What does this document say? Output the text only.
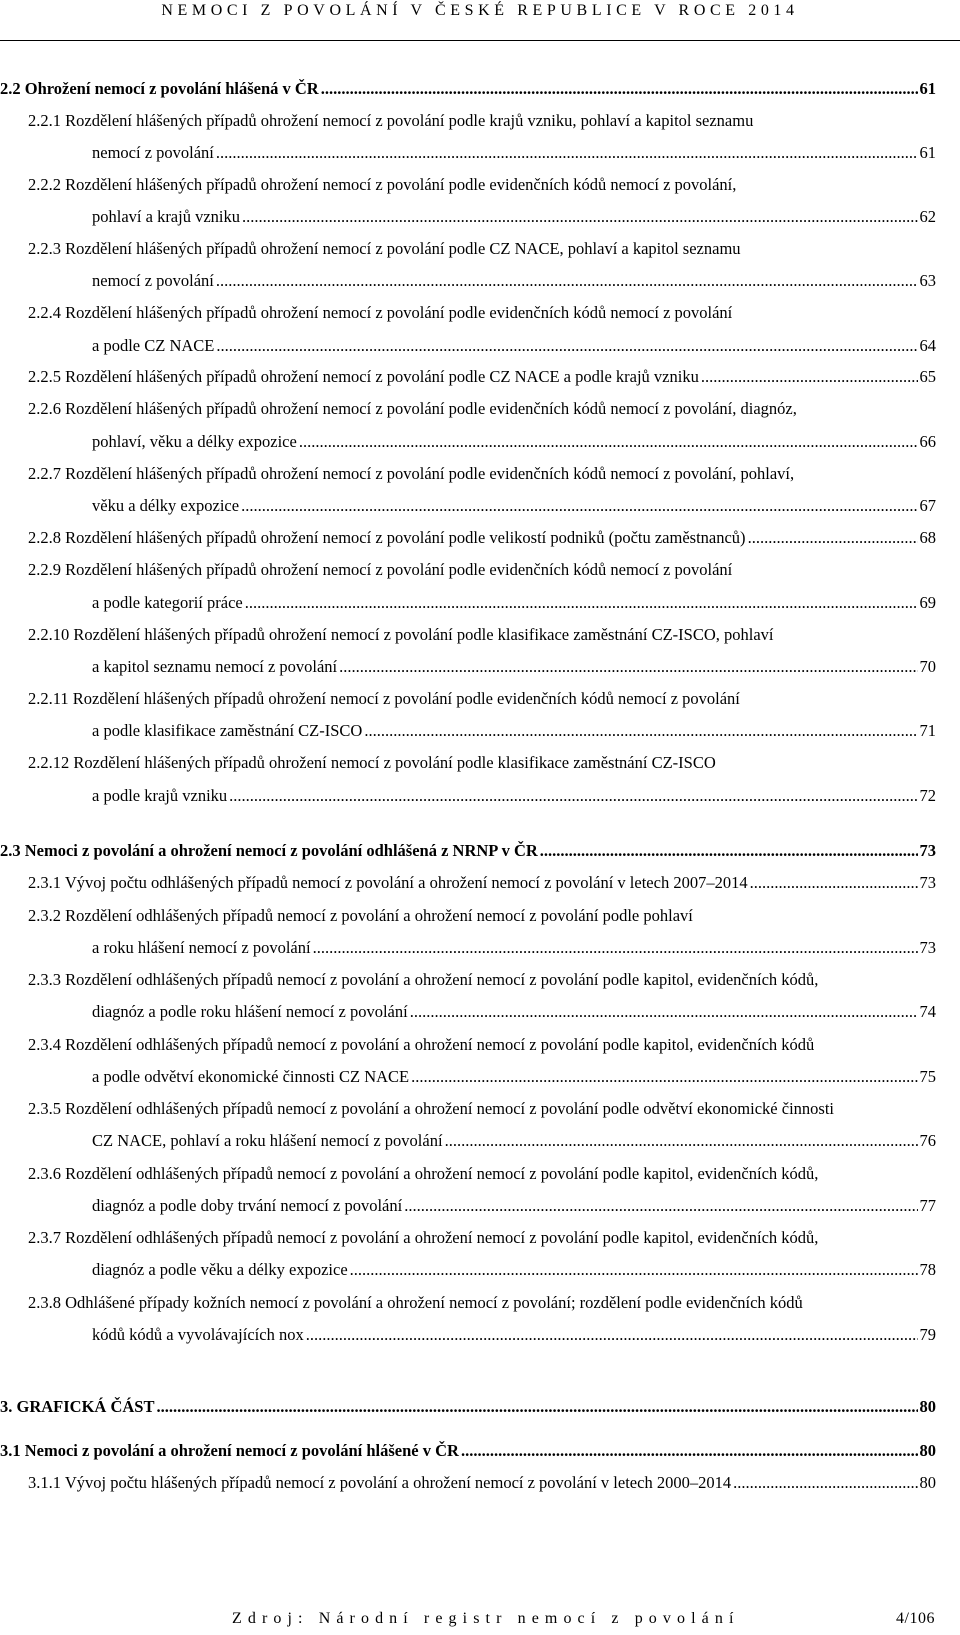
NEMOCI Z POVOLÁNÍ V ČESKÉ REPUBLICE V ROCE 2014
2.2 Ohrožení nemocí z povolání hlášená v ČR .....	61
2.2.1 Rozdělení hlášených případů ohrožení nemocí z povolání podle krajů vzniku, pohlaví a kapitol seznamu
nemocí z povolání .....	61
2.2.2 Rozdělení hlášených případů ohrožení nemocí z povolání podle evidenčních kódů nemocí z povolání,
pohlaví a krajů vzniku .....	62
2.2.3 Rozdělení hlášených případů ohrožení nemocí z povolání podle CZ NACE, pohlaví a kapitol seznamu
nemocí z povolání .....	63
2.2.4 Rozdělení hlášených případů ohrožení nemocí z povolání podle evidenčních kódů nemocí z povolání
a podle CZ NACE .....	64
2.2.5 Rozdělení hlášených případů ohrožení nemocí z povolání podle CZ NACE a podle krajů vzniku .....	65
2.2.6 Rozdělení hlášených případů ohrožení nemocí z povolání podle evidenčních kódů nemocí z povolání, diagnóz,
pohlaví, věku a délky expozice .....	66
2.2.7 Rozdělení hlášených případů ohrožení nemocí z povolání podle evidenčních kódů nemocí z povolání, pohlaví,
věku a délky expozice .....	67
2.2.8 Rozdělení hlášených případů ohrožení nemocí z povolání podle velikostí podniků (počtu zaměstnanců) .....	68
2.2.9 Rozdělení hlášených případů ohrožení nemocí z povolání podle evidenčních kódů nemocí z povolání
a podle kategorií práce .....	69
2.2.10 Rozdělení hlášených případů ohrožení nemocí z povolání podle klasifikace zaměstnání CZ-ISCO, pohlaví
a kapitol seznamu nemocí z povolání .....	70
2.2.11 Rozdělení hlášených případů ohrožení nemocí z povolání podle evidenčních kódů nemocí z povolání
a podle klasifikace zaměstnání CZ-ISCO .....	71
2.2.12 Rozdělení hlášených případů ohrožení nemocí z povolání podle klasifikace zaměstnání CZ-ISCO
a podle krajů vzniku .....	72
2.3 Nemoci z povolání a ohrožení nemocí z povolání odhlášená z NRNP v ČR .....	73
2.3.1 Vývoj počtu odhlášených případů nemocí z povolání a ohrožení nemocí z povolání v letech 2007–2014 .....	73
2.3.2 Rozdělení odhlášených případů nemocí z povolání a ohrožení nemocí z povolání podle pohlaví
a roku hlášení nemocí z povolání .....	73
2.3.3 Rozdělení odhlášených případů nemocí z povolání a ohrožení nemocí z povolání podle kapitol, evidenčních kódů,
diagnóz a podle roku hlášení nemocí z povolání .....	74
2.3.4 Rozdělení odhlášených případů nemocí z povolání a ohrožení nemocí z povolání podle kapitol, evidenčních kódů
a podle odvětví ekonomické činnosti CZ NACE .....	75
2.3.5 Rozdělení odhlášených případů nemocí z povolání a ohrožení nemocí z povolání podle odvětví ekonomické činnosti
CZ NACE, pohlaví a roku hlášení nemocí z povolání .....	76
2.3.6 Rozdělení odhlášených případů nemocí z povolání a ohrožení nemocí z povolání podle kapitol, evidenčních kódů,
diagnóz a podle doby trvání nemocí z povolání .....	77
2.3.7 Rozdělení odhlášených případů nemocí z povolání a ohrožení nemocí z povolání podle kapitol, evidenčních kódů,
diagnóz a podle věku a délky expozice .....	78
2.3.8 Odhlášené případy kožních nemocí z povolání a ohrožení nemocí z povolání; rozdělení podle evidenčních kódů
kódů kódů a vyvolávajících nox .....	79
3. GRAFICKÁ ČÁST .....	80
3.1 Nemoci z povolání a ohrožení nemocí z povolání hlášené v ČR .....	80
3.1.1 Vývoj počtu hlášených případů nemocí z povolání a ohrožení nemocí z povolání v letech 2000–2014 .....	80
Zdroj: Národní registr nemocí z povolání	4/106
